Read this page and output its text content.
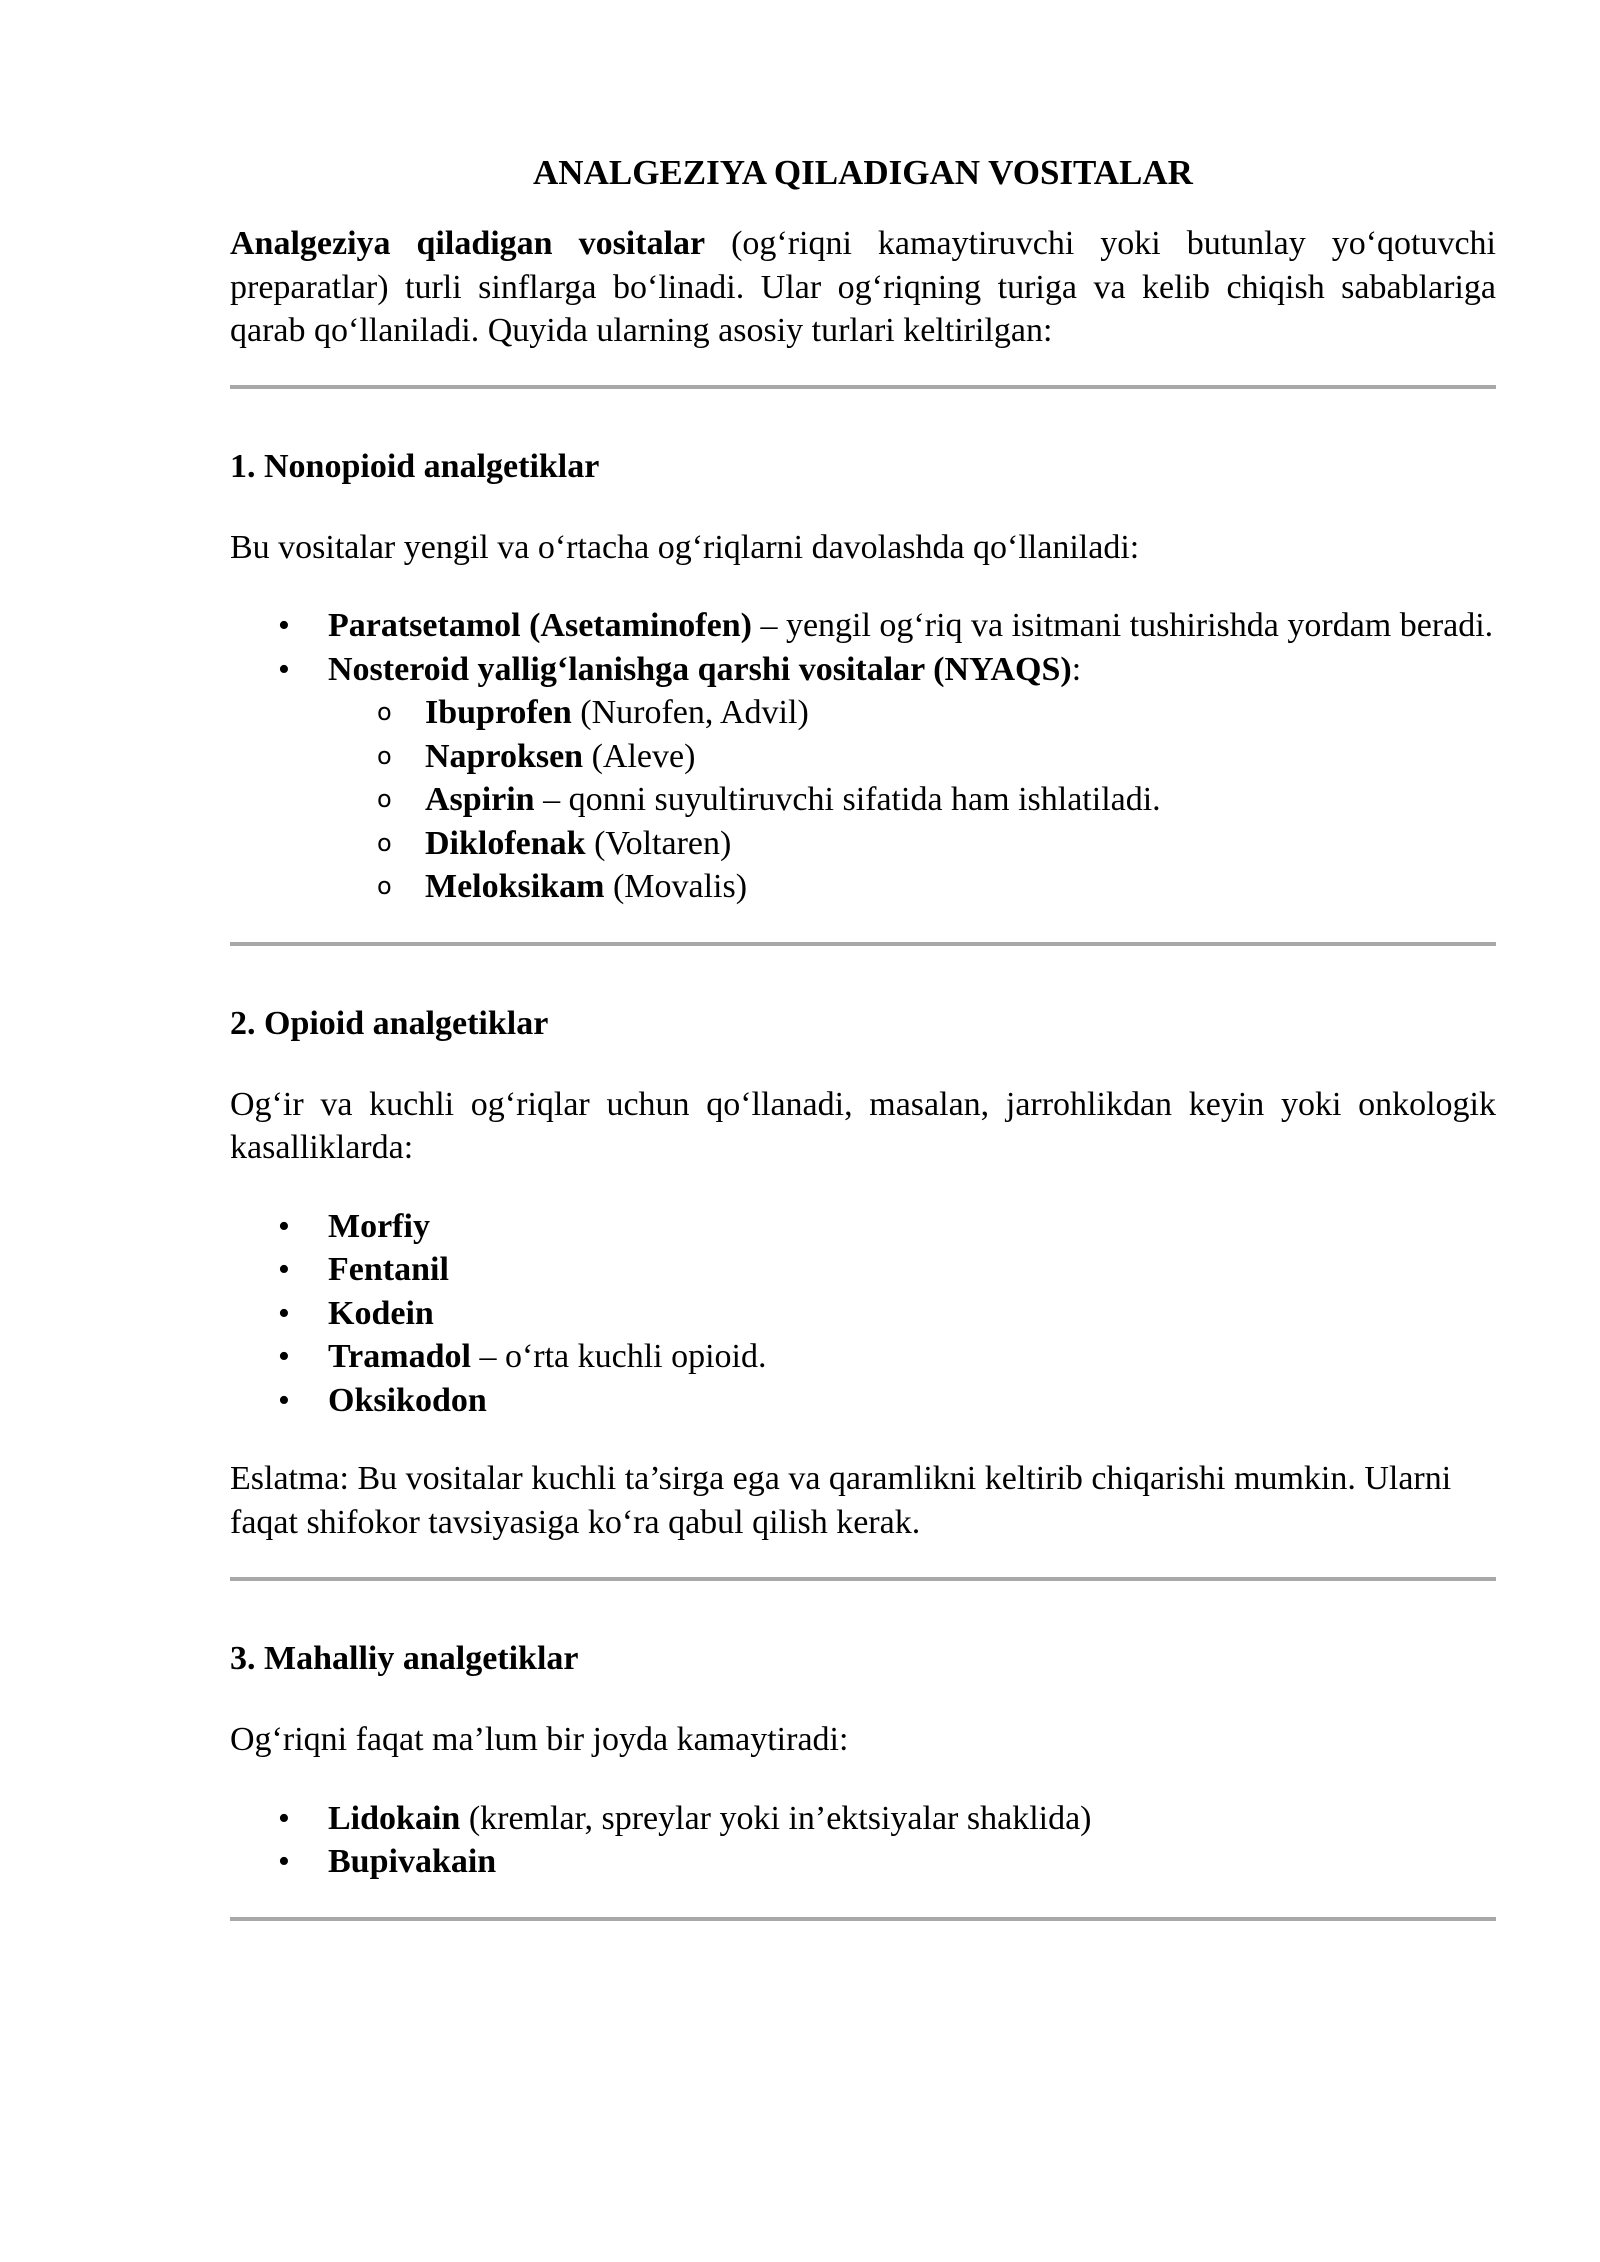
ANALGEZIYA QILADIGAN VOSITALAR

Analgeziya qiladigan vositalar (og‘riqni kamaytiruvchi yoki butunlay yo‘qotuvchi preparatlar) turli sinflarga bo‘linadi. Ular og‘riqning turiga va kelib chiqish sabablariga qarab qo‘llaniladi. Quyida ularning asosiy turlari keltirilgan:

1. Nonopioid analgetiklar

Bu vositalar yengil va o‘rtacha og‘riqlarni davolashda qo‘llaniladi:

• Paratsetamol (Asetaminofen) – yengil og‘riq va isitmani tushirishda yordam beradi.
• Nosteroid yallig‘lanishga qarshi vositalar (NYAQS):
o Ibuprofen (Nurofen, Advil)
o Naproksen (Aleve)
o Aspirin – qonni suyultiruvchi sifatida ham ishlatiladi.
o Diklofenak (Voltaren)
o Meloksikam (Movalis)
2. Opioid analgetiklar

Og‘ir va kuchli og‘riqlar uchun qo‘llanadi, masalan, jarrohlikdan keyin yoki onkologik kasalliklarda:

• Morfiy
• Fentanil
• Kodein
• Tramadol – o‘rta kuchli opioid.
• Oksikodon

Eslatma: Bu vositalar kuchli ta’sirga ega va qaramlikni keltirib chiqarishi mumkin. Ularni faqat shifokor tavsiyasiga ko‘ra qabul qilish kerak.

3. Mahalliy analgetiklar

Og‘riqni faqat ma’lum bir joyda kamaytiradi:

• Lidokain (kremlar, spreylar yoki in’ektsiyalar shaklida)
• Bupivakain
